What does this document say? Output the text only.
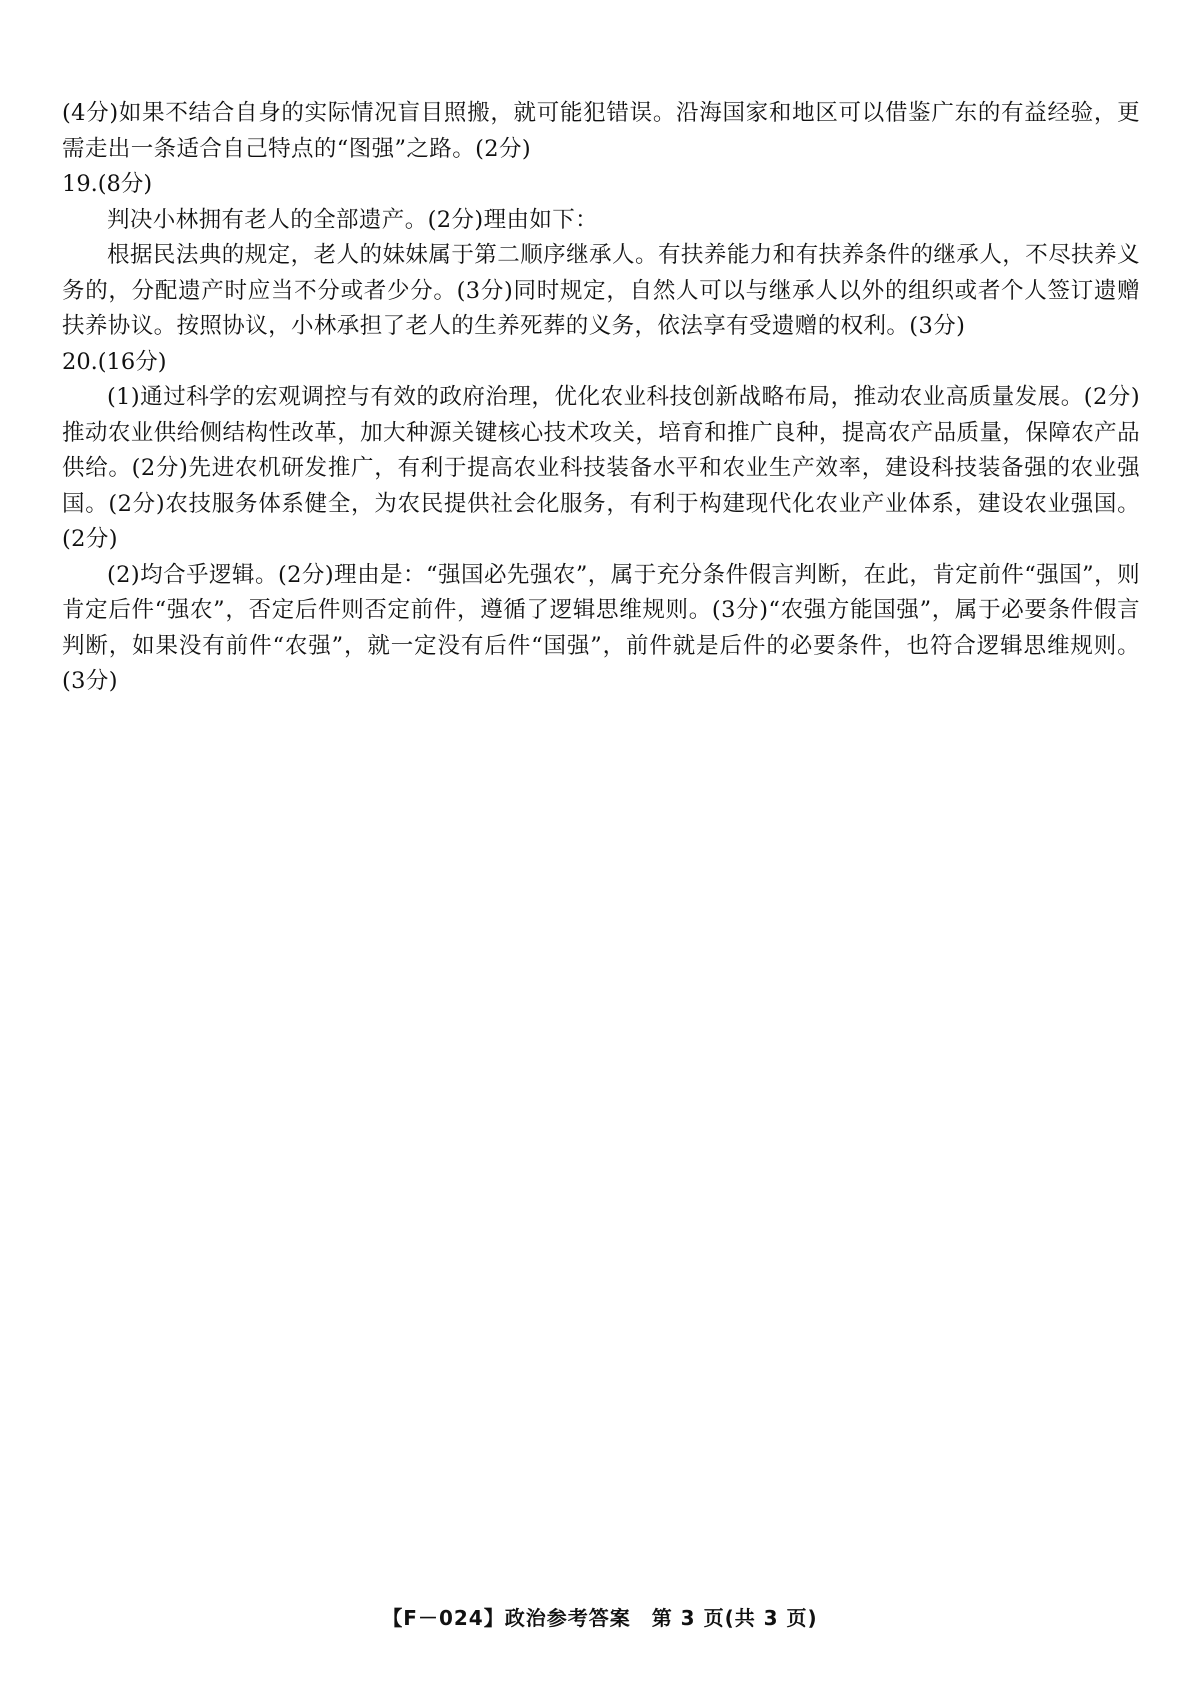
(4分)如果不结合自身的实际情况盲目照搬，就可能犯错误。沿海国家和地区可以借鉴广东的有益经验，更需走出一条适合自己特点的“图强”之路。(2分)

19.(8分)

判决小林拥有老人的全部遗产。(2分)理由如下：

根据民法典的规定，老人的妹妹属于第二顺序继承人。有扶养能力和有扶养条件的继承人，不尽扶养义务的，分配遗产时应当不分或者少分。(3分)同时规定，自然人可以与继承人以外的组织或者个人签订遗赠扶养协议。按照协议，小林承担了老人的生养死葬的义务，依法享有受遗赠的权利。(3分)

20.(16分)

(1)通过科学的宏观调控与有效的政府治理，优化农业科技创新战略布局，推动农业高质量发展。(2分)推动农业供给侧结构性改革，加大种源关键核心技术攻关，培育和推广良种，提高农产品质量，保障农产品供给。(2分)先进农机研发推广，有利于提高农业科技装备水平和农业生产效率，建设科技装备强的农业强国。(2分)农技服务体系健全，为农民提供社会化服务，有利于构建现代化农业产业体系，建设农业强国。(2分)

(2)均合乎逻辑。(2分)理由是：“强国必先强农”，属于充分条件假言判断，在此，肯定前件“强国”，则肯定后件“强农”，否定后件则否定前件，遵循了逻辑思维规则。(3分)“农强方能国强”，属于必要条件假言判断，如果没有前件“农强”，就一定没有后件“国强”，前件就是后件的必要条件，也符合逻辑思维规则。(3分)

【F－024】政治参考答案　第 3 页(共 3 页)
